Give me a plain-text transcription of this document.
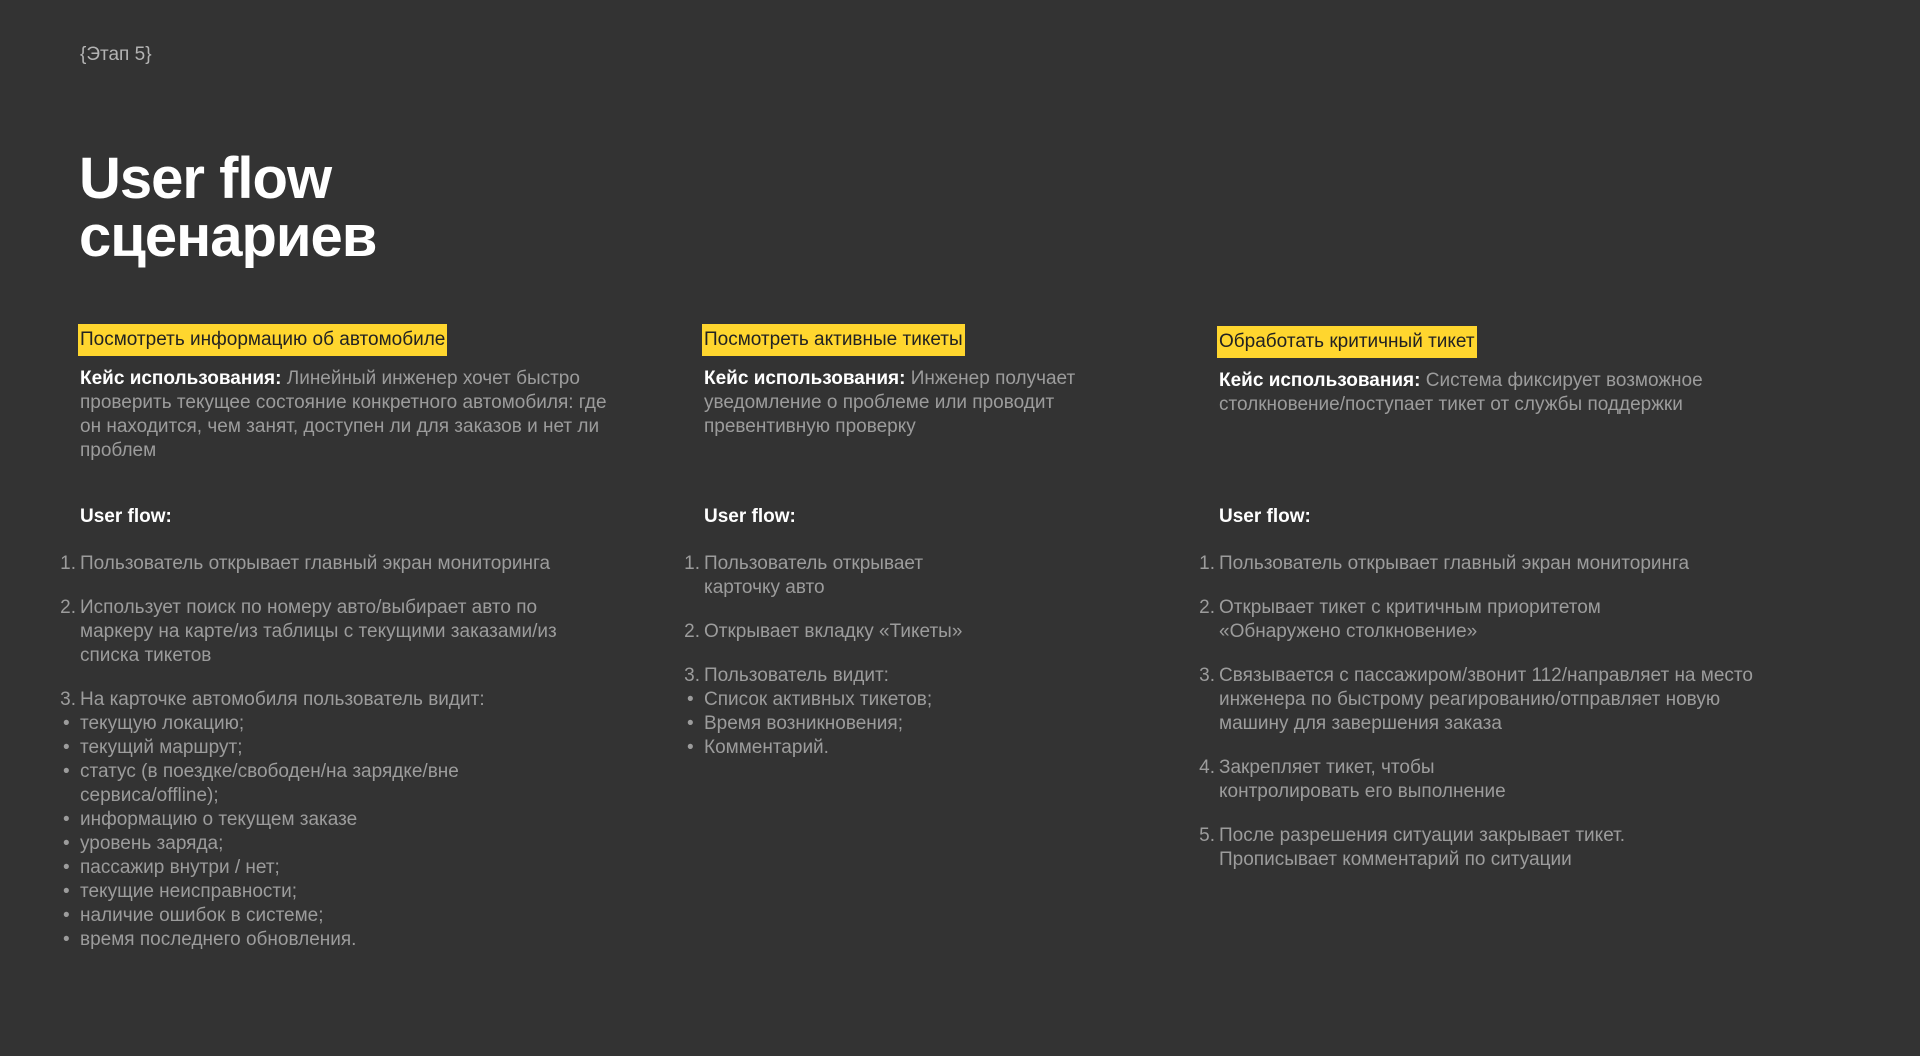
{Этап 5}
User flow
сценариев
Посмотреть информацию об автомобиле
Кейс использования: Линейный инженер хочет быстро проверить текущее состояние конкретного автомобиля: где он находится, чем занят, доступен ли для заказов и нет ли проблем
User flow:
1. Пользователь открывает главный экран мониторинга
2. Использует поиск по номеру авто/выбирает авто по маркеру на карте/из таблицы с текущими заказами/из списка тикетов
3. На карточке автомобиля пользователь видит:
• текущую локацию;
• текущий маршрут;
• статус (в поездке/свободен/на зарядке/вне сервиса/offline);
• информацию о текущем заказе
• уровень заряда;
• пассажир внутри / нет;
• текущие неисправности;
• наличие ошибок в системе;
• время последнего обновления.
Посмотреть активные тикеты
Кейс использования: Инженер получает уведомление о проблеме или проводит превентивную проверку
User flow:
1. Пользователь открывает карточку авто
2. Открывает вкладку «Тикеты»
3. Пользователь видит:
• Список активных тикетов;
• Время возникновения;
• Комментарий.
Обработать критичный тикет
Кейс использования: Система фиксирует возможное столкновение/поступает тикет от службы поддержки
User flow:
1. Пользователь открывает главный экран мониторинга
2. Открывает тикет с критичным приоритетом «Обнаружено столкновение»
3. Связывается с пассажиром/звонит 112/направляет на место инженера по быстрому реагированию/отправляет новую машину для завершения заказа
4. Закрепляет тикет, чтобы контролировать его выполнение
5. После разрешения ситуации закрывает тикет. Прописывает комментарий по ситуации
